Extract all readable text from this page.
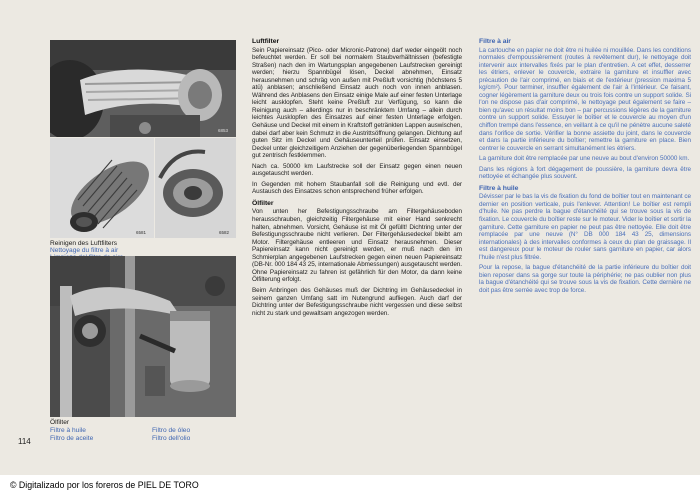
6853
6581	6582
Reinigen des Luftfilters
Nettoyage du filtre à air
Ölfilter
Filtre à huile
Filtro de aceite
Filtro de óleo
Filtro dell'olio
114
Luftfilter

Sein Papiereinsatz (Pico- oder Micronic-Patrone) darf weder eingeölt noch befeuchtet werden. Er soll bei normalem Staubverhältnissen (befestigte Straßen) nach den im Wartungsplan angegebenen Laufstrecken gereinigt werden; hierzu Spannbügel lösen, Deckel abnehmen, Einsatz herausnehmen und schräg von außen mit Preßluft vorsichtig (höchstens 5 atü) anblasen; anschließend Einsatz auch noch von innen anblasen. Während des Anblasens den Einsatz einige Male auf einer festen Unterlage leicht ausklopfen. Steht keine Preßluft zur Verfügung, so kann die Reinigung auch – allerdings nur in beschränktem Umfang – allein durch leichtes Ausklopfen des Einsatzes auf einer festen Unterlage erfolgen. Gehäuse und Deckel mit einem in Kraftstoff getränkten Lappen auswischen, dabei darf aber kein Schmutz in die Austrittsöffnung gelangen. Dichtung auf guten Sitz im Deckel und Gehäuseunterteil prüfen. Einsatz einsetzen, Deckel unter gleichzeitigem Anziehen der gegenüberliegenden Spannbügel gut zentrisch festklemmen.

Nach ca. 50000 km Laufstrecke soll der Einsatz gegen einen neuen ausgetauscht werden.

In Gegenden mit hohem Staubanfall soll die Reinigung und evtl. der Austausch des Einsatzes schon entsprechend früher erfolgen.

Ölfilter

Von unten her Befestigungsschraube am Filtergehäuseboden herausschrauben, gleichzeitig Filtergehäuse mit einer Hand senkrecht halten, abnehmen. Vorsicht, Gehäuse ist mit Öl gefüllt! Dichtring unter der Befestigungsschraube nicht verlieren. Der Filtergehäusedeckel bleibt am Motor. Filtergehäuse entleeren und Einsatz herausnehmen. Dieser Papiereinsatz kann nicht gereinigt werden, er muß nach den im Schmierplan angegebenen Laufstrecken gegen einen neuen Papiereinsatz (DB-Nr. 000 184 43 25, internationale Abmessungen) ausgetauscht werden. Ohne Papiereinsatz zu fahren ist gefährlich für den Motor, da dann keine Ölfilterung erfolgt.

Beim Anbringen des Gehäuses muß der Dichtring im Gehäusedeckel in seinem ganzen Umfang satt im Nutengrund aufliegen. Auch darf der Dichtring unter der Befestigungsschraube nicht vergessen und diese selbst nicht zu stark und gewaltsam angezogen werden.

Filtre à air

La cartouche en papier ne doit être ni huilée ni mouillée. Dans les conditions normales d'empoussièrement (routes à revêtement dur), le nettoyage doit intervenir aux intervalles fixés par le plan d'entretien. A cet effet, desserrer les étriers, enlever le couvercle, extraire la garniture et insuffler avec précaution de l'air comprimé, en biais et de l'extérieur (pression maxima 5 kg/cm²). Pour terminer, insuffler également de l'air à l'intérieur. Ce faisant, cogner légèrement la garniture deux ou trois fois contre un support solide. Si l'on ne dispose pas d'air comprimé, le nettoyage peut également se faire – bien qu'avec un résultat moins bon – par percussions légères de la garniture contre un support solide. Essuyer le boîtier et le couvercle au moyen d'un chiffon trempé dans l'essence, en veillant à ce qu'il ne pénètre aucune saleté dans l'orifice de sortie. Vérifier la bonne assiette du joint, dans le couvercle et dans la partie inférieure du boîtier; remettre la garniture en place. Bien centrer le couvercle en serrant simultanément les étriers.

La garniture doit être remplacée par une neuve au bout d'environ 50000 km.

Dans les régions à fort dégagement de poussière, la garniture devra être nettoyée et échangée plus souvent.

Filtre à huile

Dévisser par le bas la vis de fixation du fond de boîtier tout en maintenant ce dernier en position verticale, puis l'enlever. Attention! Le boîtier est rempli d'huile. Ne pas perdre la bague d'étanchéité qui se trouve sous la vis de fixation. Le couvercle du boîtier reste sur le moteur. Vider le boîtier et sortir la garniture. Cette garniture en papier ne peut pas être nettoyée. Elle doit être remplacée par une neuve (N° DB 000 184 43 25, dimensions internationales) à des intervalles conformes à ceux du plan de graissage. Il est dangereux pour le moteur de rouler sans garniture en papier, car alors l'huile n'est plus filtrée.

Pour la repose, la bague d'étanchéité de la partie inférieure du boîtier doit bien reposer dans sa gorge sur toute la périphérie; ne pas oublier non plus la bague d'étanchéité qui se trouve sous la vis de fixation. Cette dernière ne doit pas être serrée avec trop de force.

© Digitalizado por los foreros de PIEL DE TORO
